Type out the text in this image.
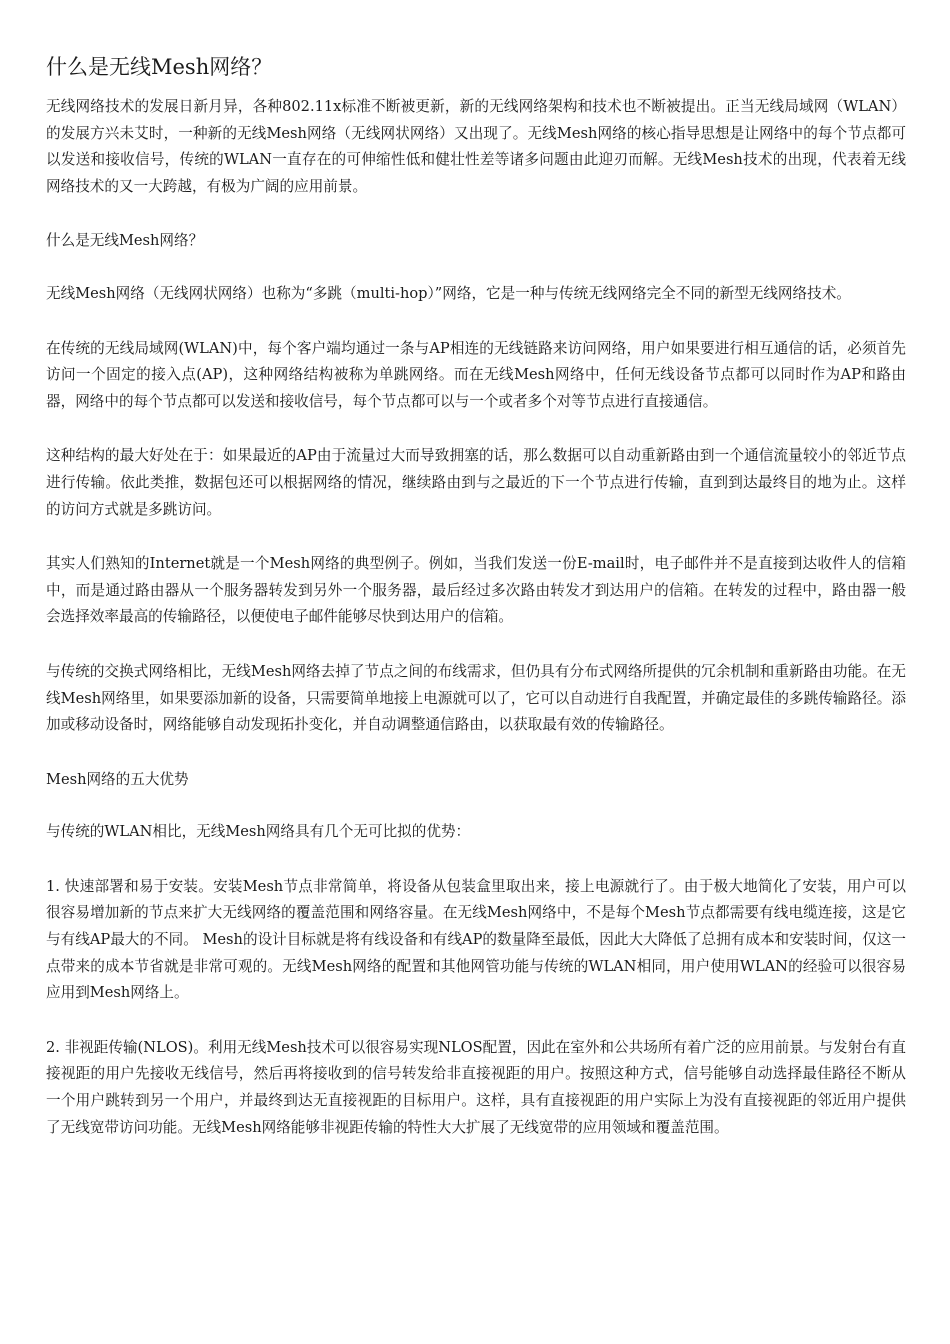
什么是无线Mesh网络？

无线网络技术的发展日新月异，各种802.11x标准不断被更新，新的无线网络架构和技术也不断被提出。正当无线局域网（WLAN）的发展方兴未艾时，一种新的无线Mesh网络（无线网状网络）又出现了。无线Mesh网络的核心指导思想是让网络中的每个节点都可以发送和接收信号，传统的WLAN一直存在的可伸缩性低和健壮性差等诸多问题由此迎刃而解。无线Mesh技术的出现，代表着无线网络技术的又一大跨越，有极为广阔的应用前景。

什么是无线Mesh网络？

无线Mesh网络（无线网状网络）也称为“多跳（multi-hop）”网络，它是一种与传统无线网络完全不同的新型无线网络技术。

在传统的无线局域网(WLAN)中，每个客户端均通过一条与AP相连的无线链路来访问网络，用户如果要进行相互通信的话，必须首先访问一个固定的接入点(AP)，这种网络结构被称为单跳网络。而在无线Mesh网络中，任何无线设备节点都可以同时作为AP和路由器，网络中的每个节点都可以发送和接收信号，每个节点都可以与一个或者多个对等节点进行直接通信。

这种结构的最大好处在于：如果最近的AP由于流量过大而导致拥塞的话，那么数据可以自动重新路由到一个通信流量较小的邻近节点进行传输。依此类推，数据包还可以根据网络的情况，继续路由到与之最近的下一个节点进行传输，直到到达最终目的地为止。这样的访问方式就是多跳访问。

其实人们熟知的Internet就是一个Mesh网络的典型例子。例如，当我们发送一份E-mail时，电子邮件并不是直接到达收件人的信箱中，而是通过路由器从一个服务器转发到另外一个服务器，最后经过多次路由转发才到达用户的信箱。在转发的过程中，路由器一般会选择效率最高的传输路径，以便使电子邮件能够尽快到达用户的信箱。

与传统的交换式网络相比，无线Mesh网络去掉了节点之间的布线需求，但仍具有分布式网络所提供的冗余机制和重新路由功能。在无线Mesh网络里，如果要添加新的设备，只需要简单地接上电源就可以了，它可以自动进行自我配置，并确定最佳的多跳传输路径。添加或移动设备时，网络能够自动发现拓扑变化，并自动调整通信路由，以获取最有效的传输路径。

Mesh网络的五大优势

与传统的WLAN相比，无线Mesh网络具有几个无可比拟的优势：

1. 快速部署和易于安装。安装Mesh节点非常简单，将设备从包装盒里取出来，接上电源就行了。由于极大地简化了安装，用户可以很容易增加新的节点来扩大无线网络的覆盖范围和网络容量。在无线Mesh网络中，不是每个Mesh节点都需要有线电缆连接，这是它与有线AP最大的不同。 Mesh的设计目标就是将有线设备和有线AP的数量降至最低，因此大大降低了总拥有成本和安装时间，仅这一点带来的成本节省就是非常可观的。无线Mesh网络的配置和其他网管功能与传统的WLAN相同，用户使用WLAN的经验可以很容易应用到Mesh网络上。

2. 非视距传输(NLOS)。利用无线Mesh技术可以很容易实现NLOS配置，因此在室外和公共场所有着广泛的应用前景。与发射台有直接视距的用户先接收无线信号，然后再将接收到的信号转发给非直接视距的用户。按照这种方式，信号能够自动选择最佳路径不断从一个用户跳转到另一个用户，并最终到达无直接视距的目标用户。这样，具有直接视距的用户实际上为没有直接视距的邻近用户提供了无线宽带访问功能。无线Mesh网络能够非视距传输的特性大大扩展了无线宽带的应用领域和覆盖范围。
